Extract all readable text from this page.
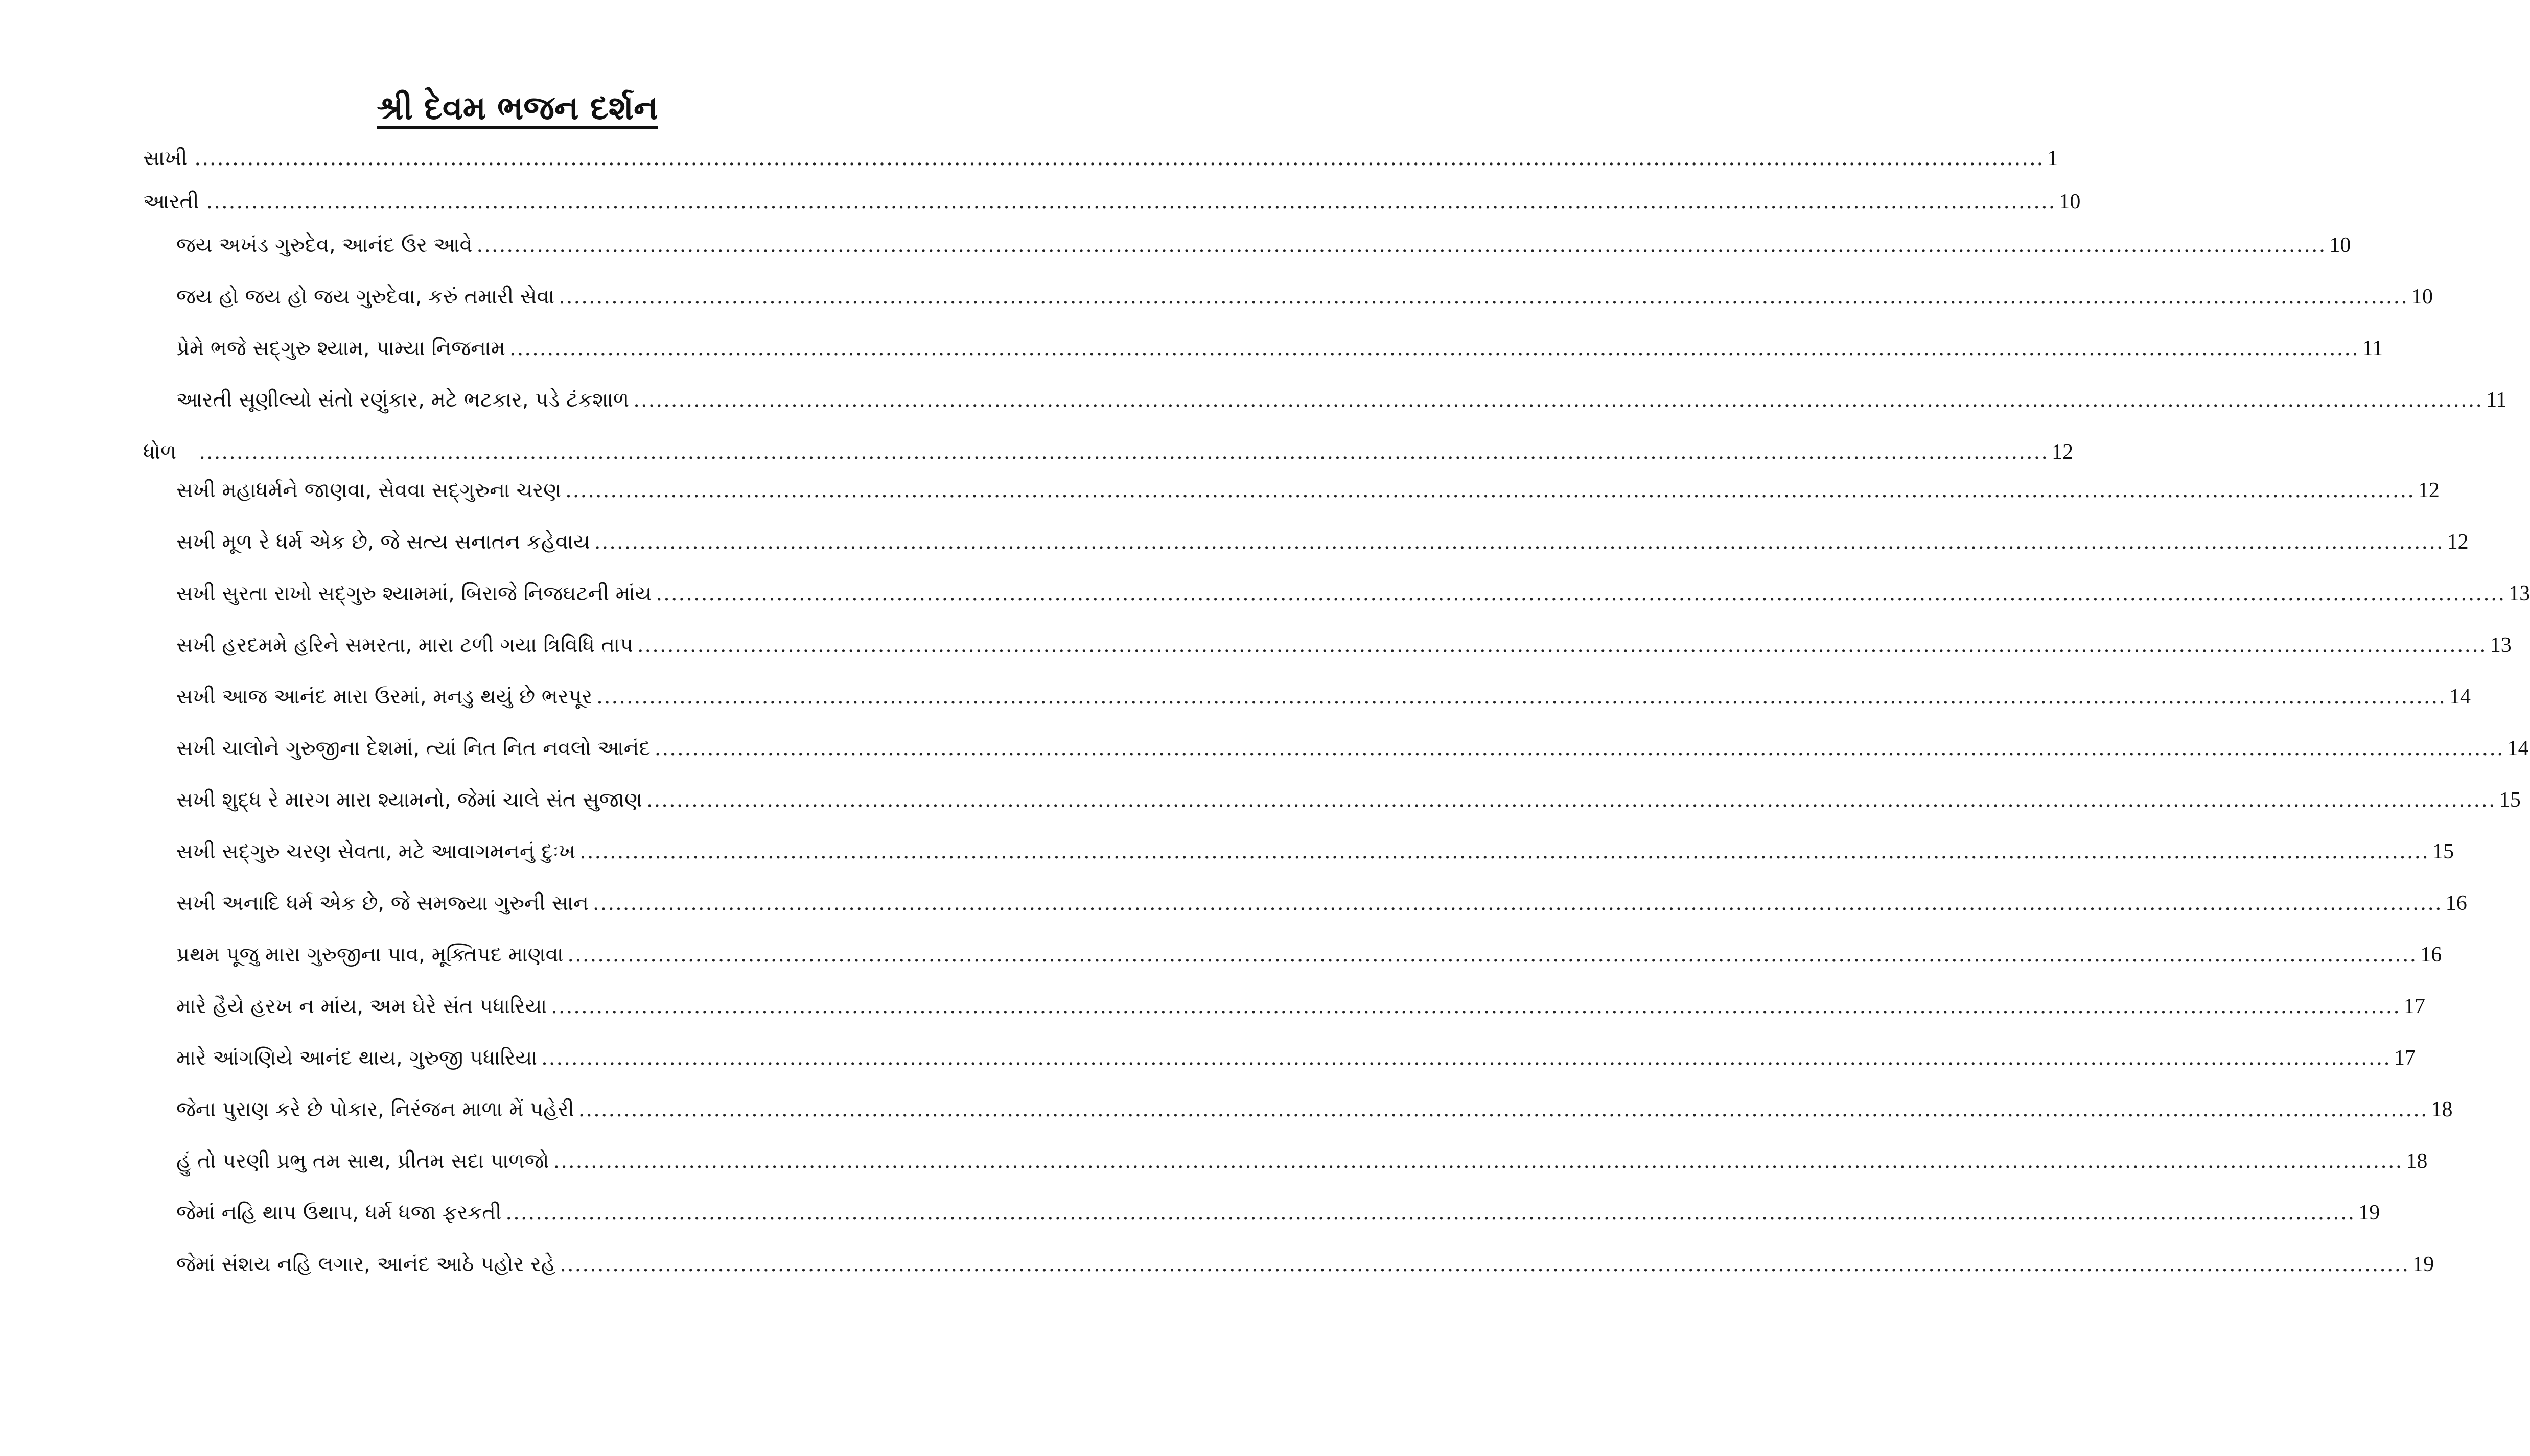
શ્રી દેવમ ભજન દર્શન
સાખી ...................................................................................................................................................................................................................................................... 1
આરતી ...................................................................................................................................................................................................................................................... 10
જય અખંડ ગુરુદેવ, આનંદ ઉર આવે ...................................................................................................................................................................................................................................................... 10
જય હો જય હો જય ગુરુદેવા, કરું તમારી સેવા ...................................................................................................................................................................................................................................................... 10
પ્રેમે ભજે સદ્‌ગુરુ શ્યામ, પામ્યા નિજનામ ...................................................................................................................................................................................................................................................... 11
આરતી સૂણીલ્યો સંતો રણુંકાર, મટે ભટકાર, પડે ટંકશાળ ...................................................................................................................................................................................................................................................... 11
ધોળ ...................................................................................................................................................................................................................................................... 12
સખી મહાધર્મને જાણવા, સેવવા સદ્‌ગુરુના ચરણ ...................................................................................................................................................................................................................................................... 12
સખી મૂળ રે ધર્મ એક છે, જે સત્ય સનાતન કહેવાય ...................................................................................................................................................................................................................................................... 12
સખી સુરતા રાખો સદ્‌ગુરુ શ્યામમાં, બિરાજે નિજઘટની માંય ...................................................................................................................................................................................................................................................... 13
સખી હરદમમે હરિને સમરતા, મારા ટળી ગયા ત્રિવિધિ તાપ ...................................................................................................................................................................................................................................................... 13
સખી આજ આનંદ મારા ઉરમાં, મનડુ થયું છે ભરપૂર ...................................................................................................................................................................................................................................................... 14
સખી ચાલોને ગુરુજીના દેશમાં, ત્યાં નિત નિત નવલો આનંદ ...................................................................................................................................................................................................................................................... 14
સખી શુદ્ધ રે મારગ મારા શ્યામનો, જેમાં ચાલે સંત સુજાણ ...................................................................................................................................................................................................................................................... 15
સખી સદ્‌ગુરુ ચરણ સેવતા, મટે આવાગમનનું દુઃખ ...................................................................................................................................................................................................................................................... 15
સખી અનાદિ ધર્મ એક છે, જે સમજ્યા ગુરુની સાન ...................................................................................................................................................................................................................................................... 16
પ્રથમ પૂજુ મારા ગુરુજીના પાવ, મૂક્તિપદ માણવા ...................................................................................................................................................................................................................................................... 16
મારે હૈયે હરખ ન માંય, અમ ઘેરે સંત પધારિયા ...................................................................................................................................................................................................................................................... 17
મારે આંગણિયે આનંદ થાય, ગુરુજી પધારિયા ...................................................................................................................................................................................................................................................... 17
જેના પુરાણ કરે છે પોકાર, નિરંજન માળા મેં પહેરી ...................................................................................................................................................................................................................................................... 18
હું તો પરણી પ્રભુ તમ સાથ, પ્રીતમ સદા પાળજો ...................................................................................................................................................................................................................................................... 18
જેમાં નહિ થાપ ઉથાપ, ધર્મ ધજા ફરકતી ...................................................................................................................................................................................................................................................... 19
જેમાં સંશય નહિ લગાર, આનંદ આઠે પહોર રહે ...................................................................................................................................................................................................................................................... 19
